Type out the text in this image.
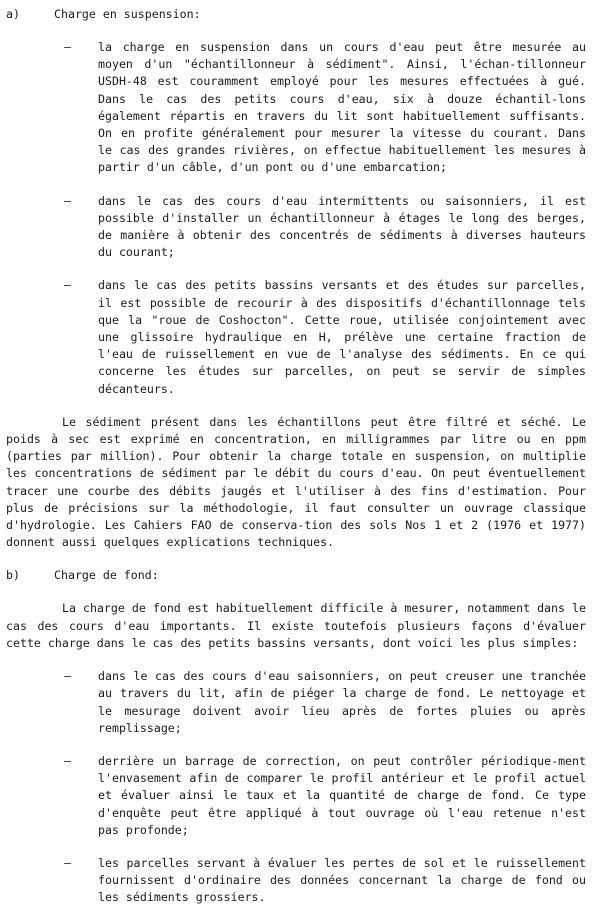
a)	Charge en suspension:
– la charge en suspension dans un cours d'eau peut être mesurée au moyen d'un "échantillonneur à sédiment". Ainsi, l'échan-tillonneur USDH-48 est couramment employé pour les mesures effectuées à gué. Dans le cas des petits cours d'eau, six à douze échantil-lons également répartis en travers du lit sont habituellement suffisants. On en profite généralement pour mesurer la vitesse du courant. Dans le cas des grandes rivières, on effectue habituellement les mesures à partir d'un câble, d'un pont ou d'une embarcation;
– dans le cas des cours d'eau intermittents ou saisonniers, il est possible d'installer un échantillonneur à étages le long des berges, de manière à obtenir des concentrés de sédiments à diverses hauteurs du courant;
– dans le cas des petits bassins versants et des études sur parcelles, il est possible de recourir à des dispositifs d'échantillonnage tels que la "roue de Coshocton". Cette roue, utilisée conjointement avec une glissoire hydraulique en H, prélève une certaine fraction de l'eau de ruissellement en vue de l'analyse des sédiments. En ce qui concerne les études sur parcelles, on peut se servir de simples décanteurs.

Le sédiment présent dans les échantillons peut être filtré et séché. Le poids à sec est exprimé en concentration, en milligrammes par litre ou en ppm (parties par million). Pour obtenir la charge totale en suspension, on multiplie les concentrations de sédiment par le débit du cours d'eau. On peut éventuellement tracer une courbe des débits jaugés et l'utiliser à des fins d'estimation. Pour plus de précisions sur la méthodologie, il faut consulter un ouvrage classique d'hydrologie. Les Cahiers FAO de conserva-tion des sols Nos 1 et 2 (1976 et 1977) donnent aussi quelques explications techniques.

b)	Charge de fond:

La charge de fond est habituellement difficile à mesurer, notamment dans le cas des cours d'eau importants. Il existe toutefois plusieurs façons d'évaluer cette charge dans le cas des petits bassins versants, dont voici les plus simples:

– dans le cas des cours d'eau saisonniers, on peut creuser une tranchée au travers du lit, afin de piéger la charge de fond. Le nettoyage et le mesurage doivent avoir lieu après de fortes pluies ou après remplissage;
– derrière un barrage de correction, on peut contrôler périodique-ment l'envasement afin de comparer le profil antérieur et le profil actuel et évaluer ainsi le taux et la quantité de charge de fond. Ce type d'enquête peut être appliqué à tout ouvrage où l'eau retenue n'est pas profonde;
– les parcelles servant à évaluer les pertes de sol et le ruissellement fournissent d'ordinaire des données concernant la charge de fond ou les sédiments grossiers.
